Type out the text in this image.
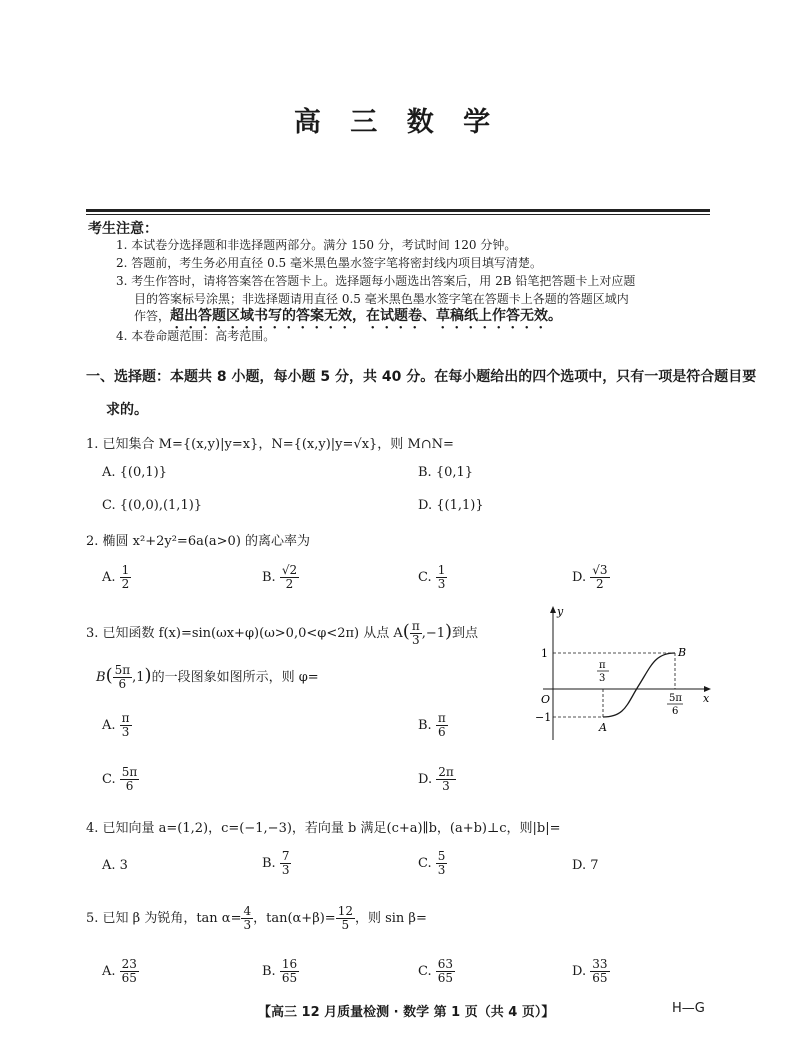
高 三 数 学
考生注意：
1. 本试卷分选择题和非选择题两部分。满分 150 分，考试时间 120 分钟。
2. 答题前，考生务必用直径 0.5 毫米黑色墨水签字笔将密封线内项目填写清楚。
3. 考生作答时，请将答案答在答题卡上。选择题每小题选出答案后，用 2B 铅笔把答题卡上对应题
目的答案标号涂黑；非选择题请用直径 0.5 毫米黑色墨水签字笔在答题卡上各题的答题区域内
作答，超出答题区域书写的答案无效，在试题卷、草稿纸上作答无效。
4. 本卷命题范围：高考范围。
一、选择题：本题共 8 小题，每小题 5 分，共 40 分。在每小题给出的四个选项中，只有一项是符合题目要
求的。
1. 已知集合 M={(x,y)|y=x}，N={(x,y)|y=√x}，则 M∩N=
A. {(0,1)}	B. {0,1}
C. {(0,0),(1,1)}	D. {(1,1)}
2. 椭圆 x²+2y²=6a(a>0) 的离心率为
A. $\frac{1}{2}$	B. $\frac{√2}{2}$	C. $\frac{1}{3}$	D. $\frac{√3}{2}$
3. 已知函数 f(x)=sin(ωx+φ)(ω>0,0<φ<2π) 从点 $A( \frac{\pi}{3} ,-1)$到点
$B( \frac{5\pi}{6} ,1)$的一段图象如图所示，则 φ=
y
x
O
1
−1
π
3
5π
6
A
B
A. $\frac{\pi}{3}$	B. $\frac{\pi}{6}$
C. $\frac{5\pi}{6}$	D. $\frac{2\pi}{3}$
4. 已知向量 a=(1,2)，c=(−1,−3)，若向量 b 满足(c+a)∥b，(a+b)⊥c，则|b|=
A. 3	B. $\frac{7}{3}$	C. $\frac{5}{3}$	D. 7
5. 已知 β 为锐角，$\tan \alpha= \frac{4}{3}$ ，$\tan(\alpha+\beta)= \frac{12}{5}$ ，则 sin β=
A. $\frac{23}{65}$	B. $\frac{16}{65}$	C. $\frac{63}{65}$	D. $\frac{33}{65}$
【高三 12 月质量检测 · 数学 第 1 页（共 4 页）】	H—G
